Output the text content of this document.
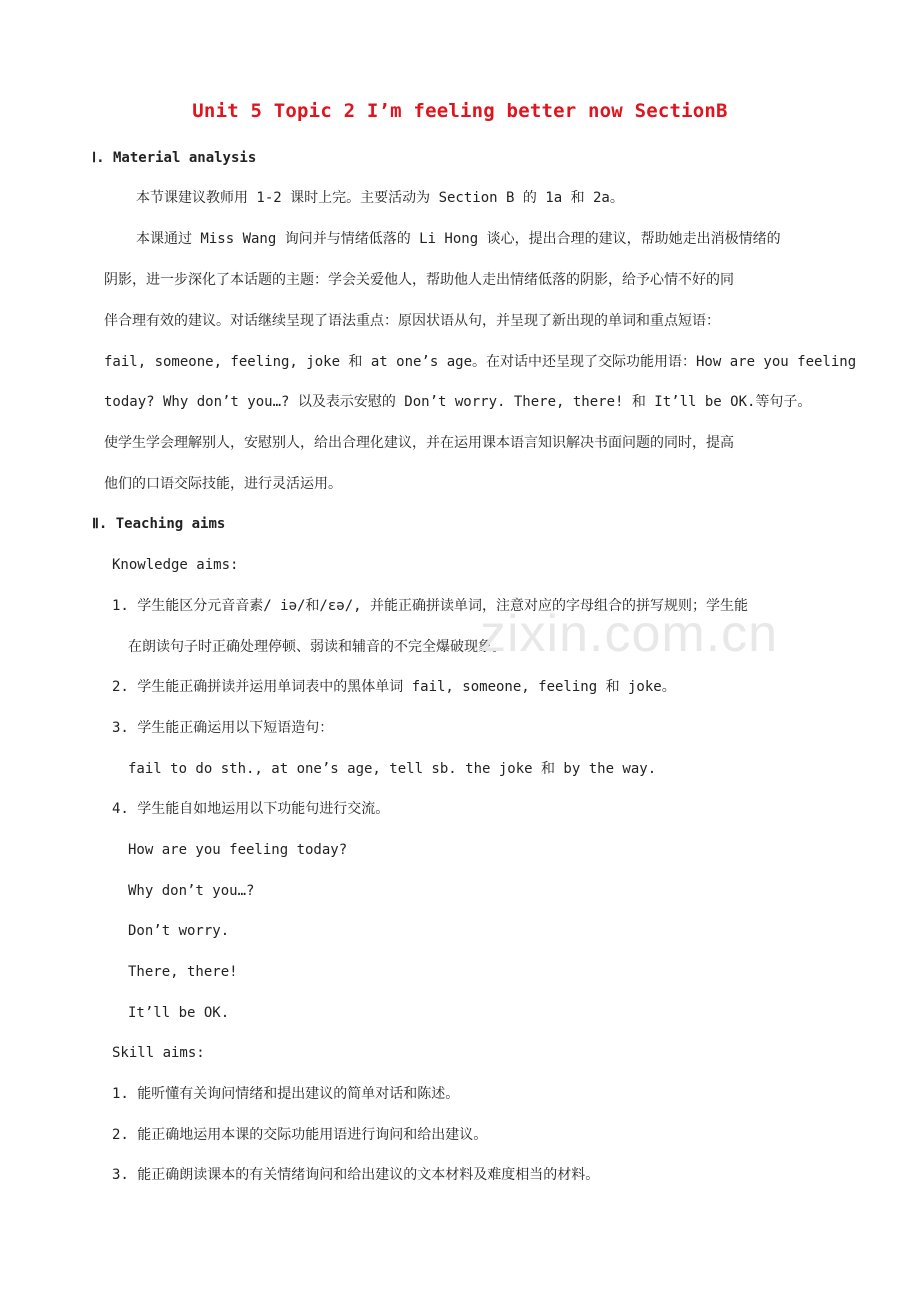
Unit 5 Topic 2 I’m feeling better now SectionB
Ⅰ. Material analysis
本节课建议教师用 1-2 课时上完。主要活动为 Section B 的 1a 和 2a。
本课通过 Miss Wang 询问并与情绪低落的 Li Hong 谈心，提出合理的建议，帮助她走出消极情绪的
阴影，进一步深化了本话题的主题：学会关爱他人，帮助他人走出情绪低落的阴影，给予心情不好的同
伴合理有效的建议。对话继续呈现了语法重点：原因状语从句，并呈现了新出现的单词和重点短语：
fail, someone, feeling, joke 和 at one’s age。在对话中还呈现了交际功能用语：How are you feeling
today? Why don’t you…? 以及表示安慰的 Don’t worry. There, there! 和 It’ll be OK.等句子。
使学生学会理解别人，安慰别人，给出合理化建议，并在运用课本语言知识解决书面问题的同时，提高
他们的口语交际技能，进行灵活运用。
Ⅱ. Teaching aims
Knowledge aims:
1. 学生能区分元音音素/ iə/和/ɛə/, 并能正确拼读单词，注意对应的字母组合的拼写规则；学生能
在朗读句子时正确处理停顿、弱读和辅音的不完全爆破现象。
2. 学生能正确拼读并运用单词表中的黑体单词 fail, someone, feeling 和 joke。
3. 学生能正确运用以下短语造句：
fail to do sth., at one’s age, tell sb. the joke 和 by the way.
4. 学生能自如地运用以下功能句进行交流。
How are you feeling today?
Why don’t you…?
Don’t worry.
There, there!
It’ll be OK.
Skill aims:
1. 能听懂有关询问情绪和提出建议的简单对话和陈述。
2. 能正确地运用本课的交际功能用语进行询问和给出建议。
3. 能正确朗读课本的有关情绪询问和给出建议的文本材料及难度相当的材料。
zixin.com.cn
